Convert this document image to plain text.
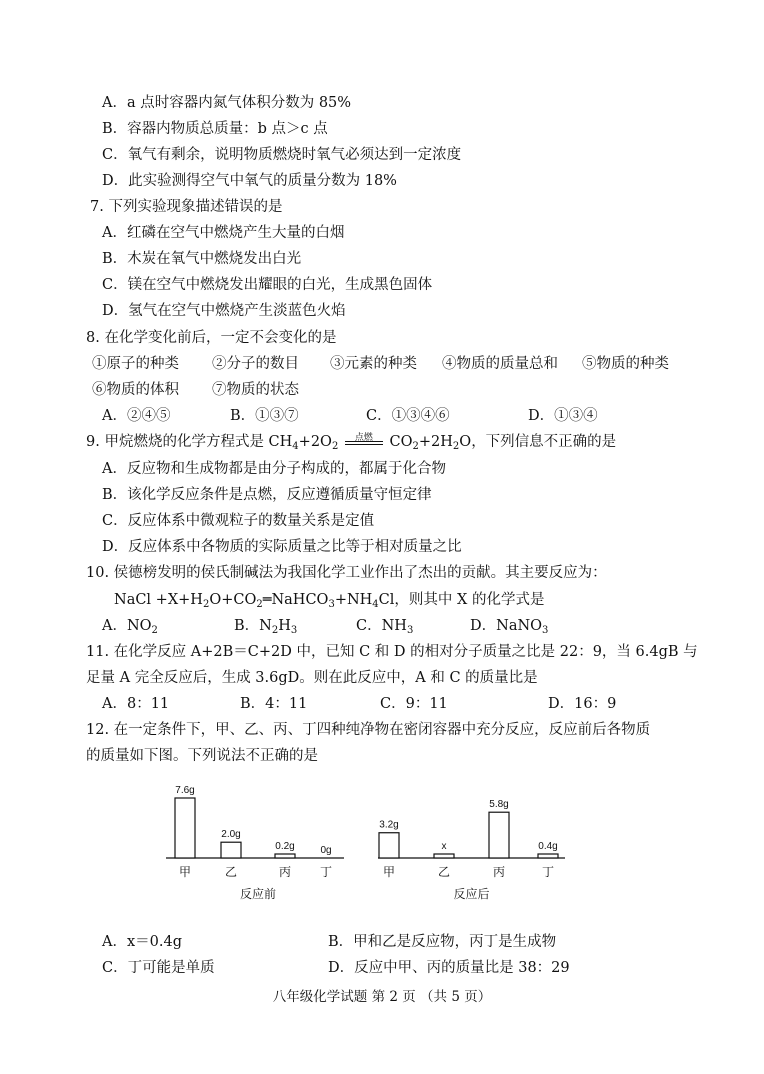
A．a 点时容器内氮气体积分数为 85%
B．容器内物质总质量：b 点＞c 点
C．氧气有剩余，说明物质燃烧时氧气必须达到一定浓度
D．此实验测得空气中氧气的质量分数为 18%
7. 下列实验现象描述错误的是
A．红磷在空气中燃烧产生大量的白烟
B．木炭在氧气中燃烧发出白光
C．镁在空气中燃烧发出耀眼的白光，生成黑色固体
D．氢气在空气中燃烧产生淡蓝色火焰
8. 在化学变化前后，一定不会变化的是
①原子的种类 ②分子的数目 ③元素的种类 ④物质的质量总和 ⑤物质的种类
⑥物质的体积 ⑦物质的状态
A．②④⑤	B．①③⑦	C．①③④⑥	D．①③④
9. 甲烷燃烧的化学方程式是 $CH_4+2O_2$
点燃	$CO_2+2H_2O$，下列信息不正确的是
A．反应物和生成物都是由分子构成的，都属于化合物
B．该化学反应条件是点燃，反应遵循质量守恒定律
C．反应体系中微观粒子的数量关系是定值
D．反应体系中各物质的实际质量之比等于相对质量之比
10. 侯德榜发明的侯氏制碱法为我国化学工业作出了杰出的贡献。其主要反应为：
NaCl $+X+H_2O+CO_2═NaHCO_3+NH_4Cl$，则其中 X 的化学式是
A．$NO_2$	B．$N_2H_3$	C．$NH_3$	D．NaNO$_3$
11. 在化学反应 A+2B＝C+2D 中，已知 C 和 D 的相对分子质量之比是 22：9，当 6.4gB 与
足量 A 完全反应后，生成 3.6gD。则在此反应中，A 和 C 的质量比是
A．8：11	B．4：11	C．9：11	D．16：9
12. 在一定条件下，甲、乙、丙、丁四种纯净物在密闭容器中充分反应，反应前后各物质
的质量如下图。下列说法不正确的是
7.6g
甲
2.0g
乙
0.2g
丙
0g
丁
反应前
3.2g
甲
x
乙
5.8g
丙
0.4g
丁
反应后
A．x＝0.4g	B．甲和乙是反应物，丙丁是生成物
C．丁可能是单质	D．反应中甲、丙的质量比是 38：29
八年级化学试题 第 2 页 （共 5 页）
